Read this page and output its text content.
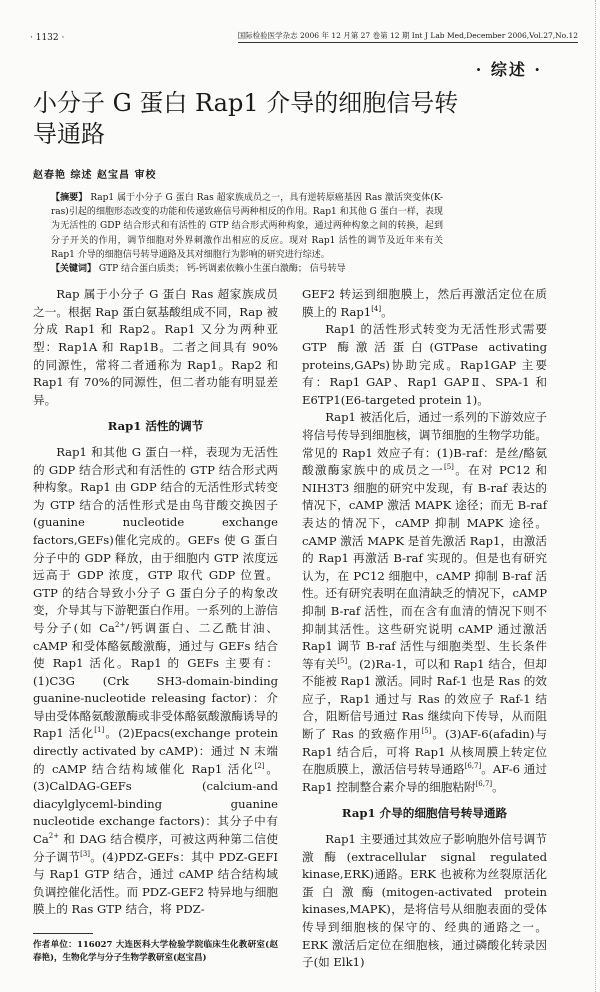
· 1132 ·	国际检验医学杂志 2006 年 12 月第 27 卷第 12 期 Int J Lab Med,December 2006,Vol.27,No.12
· 综述 ·
小分子 G 蛋白 Rap1 介导的细胞信号转导通路
赵春艳 综述 赵宝昌 审校
【摘要】 Rap1 属于小分子 G 蛋白 Ras 超家族成员之一，具有逆转原癌基因 Ras 激活突变体(K-ras)引起的细胞形态改变的功能和传递致癌信号两种相反的作用。Rap1 和其他 G 蛋白一样，表现为无活性的 GDP 结合形式和有活性的 GTP 结合形式两种构象，通过两种构象之间的转换，起到分子开关的作用，调节细胞对外界刺激作出相应的反应。现对 Rap1 活性的调节及近年来有关 Rap1 介导的细胞信号转导通路及其对细胞行为影响的研究进行综述。
【关键词】 GTP 结合蛋白质类； 钙-钙调素依赖小生蛋白激酶； 信号转导

Rap 属于小分子 G 蛋白 Ras 超家族成员之一。根据 Rap 蛋白氨基酸组成不同，Rap 被分成 Rap1 和 Rap2。Rap1 又分为两种亚型：Rap1A 和 Rap1B。二者之间具有 90% 的同源性，常将二者通称为 Rap1。Rap2 和 Rap1 有 70%的同源性，但二者功能有明显差异。

Rap1 活性的调节

Rap1 和其他 G 蛋白一样，表现为无活性的 GDP 结合形式和有活性的 GTP 结合形式两种构象。Rap1 由 GDP 结合的无活性形式转变为 GTP 结合的活性形式是由鸟苷酸交换因子(guanine nucleotide exchange factors,GEFs)催化完成的。GEFs 使 G 蛋白分子中的 GDP 释放，由于细胞内 GTP 浓度远远高于 GDP 浓度，GTP 取代 GDP 位置。GTP 的结合导致小分子 G 蛋白分子的构象改变，介导其与下游靶蛋白作用。一系列的上游信号分子(如 $Ca^{2+}/$钙调蛋白、二乙酰甘油、cAMP 和受体酪氨酸激酶，通过与 GEFs 结合使 Rap1 活化。Rap1 的 GEFs 主要有：(1)C3G (Crk SH3-domain-binding guanine-nucleotide releasing factor)：介导由受体酪氨酸激酶或非受体酪氨酸激酶诱导的 Rap1 活化[1]。(2)Epacs(exchange protein directly activated by cAMP)：通过 N 末端的 cAMP 结合结构域催化 Rap1 活化[2]。(3)CalDAG-GEFs (calcium-and diacylglyceml-binding guanine nucleotide exchange factors)：其分子中有 $Ca^{2+}$ 和 DAG 结合模序，可被这两种第二信使分子调节[3]。(4)PDZ-GEFs：其中 PDZ-GEFI 与 Rap1 GTP 结合，通过 cAMP 结合结构域负调控催化活性。而 PDZ-GEF2 特异地与细胞膜上的 Ras GTP 结合，将 PDZ-

作者单位：116027 大连医科大学检验学院临床生化教研室(赵春艳)，生物化学与分子生物学教研室(赵宝昌)

GEF2 转运到细胞膜上，然后再激活定位在质膜上的 Rap1[4]。

Rap1 的活性形式转变为无活性形式需要 GTP 酶激活蛋白(GTPase activating proteins,GAPs)协助完成。Rap1GAP 主要有：Rap1 GAP、Rap1 GAPⅡ、SPA-1 和 E6TP1(E6-targeted protein 1)。

Rap1 被活化后，通过一系列的下游效应子将信号传导到细胞核，调节细胞的生物学功能。常见的 Rap1 效应子有：(1)B-raf：是丝/酪氨酸激酶家族中的成员之一[5]。在对 PC12 和 NIH3T3 细胞的研究中发现，有 B-raf 表达的情况下，cAMP 激活 MAPK 途径；而无 B-raf 表达的情况下，cAMP 抑制 MAPK 途径。cAMP 激活 MAPK 是首先激活 Rap1，由激活的 Rap1 再激活 B-raf 实现的。但是也有研究认为，在 PC12 细胞中，cAMP 抑制 B-raf 活性。还有研究表明在血清缺乏的情况下，cAMP 抑制 B-raf 活性，而在含有血清的情况下则不抑制其活性。这些研究说明 cAMP 通过激活 Rap1 调节 B-raf 活性与细胞类型、生长条件等有关[5]。(2)Ra-1，可以和 Rap1 结合，但却不能被 Rap1 激活。同时 Raf-1 也是 Ras 的效应子，Rap1 通过与 Ras 的效应子 Raf-1 结合，阻断信号通过 Ras 继续向下传导，从而阻断了 Ras 的致癌作用[5]。(3)AF-6(afadin)与 Rap1 结合后，可将 Rap1 从核周膜上转定位在胞质膜上，激活信号转导通路[6,7]。AF-6 通过 Rap1 控制整合素介导的细胞粘附[6,7]。

Rap1 介导的细胞信号转导通路

Rap1 主要通过其效应子影响胞外信号调节激酶(extracellular signal regulated kinase,ERK)通路。ERK 也被称为丝裂原活化蛋白激酶(mitogen-activated protein kinases,MAPK)，是将信号从细胞表面的受体传导到细胞核的保守的、经典的通路之一。ERK 激活后定位在细胞核，通过磷酸化转录因子(如 Elk1)
